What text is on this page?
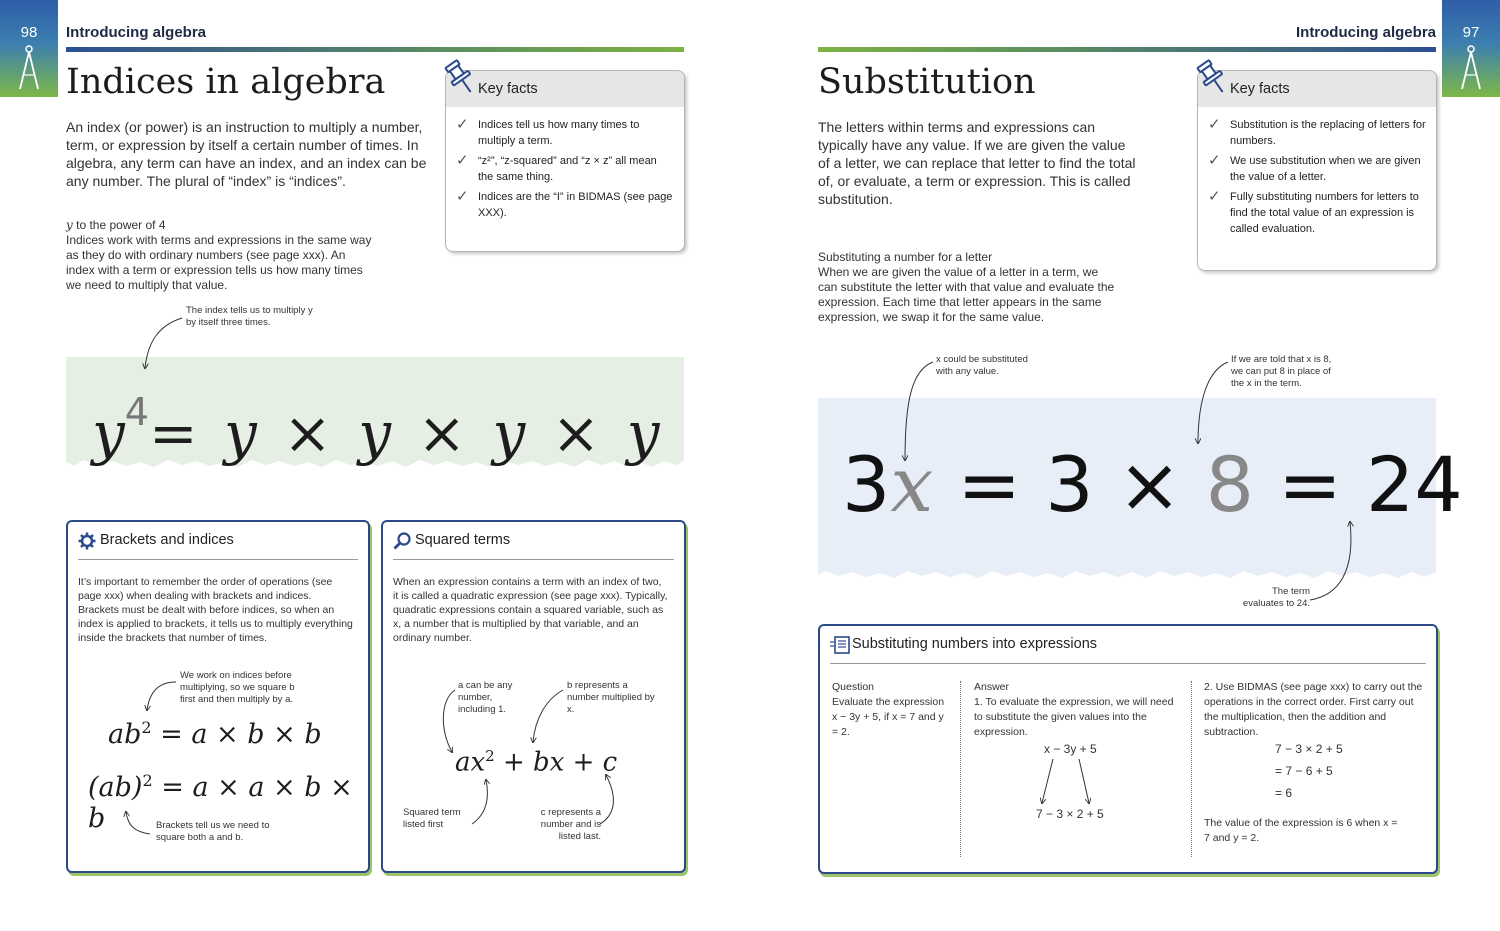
98	Introducing algebra
Indices in algebra
An index (or power) is an instruction to multiply a number, term, or expression by itself a certain number of times. In algebra, any term can have an index, and an index can be any number. The plural of “index” is “indices”.
y to the power of 4
Indices work with terms and expressions in the same way as they do with ordinary numbers (see page xxx). An index with a term or expression tells us how many times we need to multiply that value.
Key facts
✓ Indices tell us how many times to multiply a term.
✓ “z²”, “z-squared” and “z × z” all mean the same thing.
✓ Indices are the “I” in BIDMAS (see page XXX).
The index tells us to multiply y by itself three times.
$y^4= y \times y \times y \times y$
Brackets and indices
It’s important to remember the order of operations (see page xxx) when dealing with brackets and indices. Brackets must be dealt with before indices, so when an index is applied to brackets, it tells us to multiply everything inside the brackets that number of times.
We work on indices before multiplying, so we square b first and then multiply by a.
$ab^2 = a \times b \times b$
(ab)$^2$ = a × a × b × b	Brackets tell us we need to square both a and b.
Squared terms
When an expression contains a term with an index of two, it is called a quadratic expression (see page xxx). Typically, quadratic expressions contain a squared variable, such as x, a number that is multiplied by that variable, and an ordinary number.
a can be any number, including 1.
b represents a number multiplied by x.
$ax^2$ + bx + c
Squared term listed first
c represents a number and is listed last.
97
Introducing algebra
Substitution
The letters within terms and expressions can typically have any value. If we are given the value of a letter, we can replace that letter to find the total of, or evaluate, a term or expression. This is called substitution.
Substituting a number for a letter
When we are given the value of a letter in a term, we can substitute the letter with that value and evaluate the expression. Each time that letter appears in the same expression, we swap it for the same value.
Key facts
✓ Substitution is the replacing of letters for numbers.
✓ We use substitution when we are given the value of a letter.
✓ Fully substituting numbers for letters to find the total value of an expression is called evaluation.
x could be substituted with any value.
If we are told that x is 8, we can put 8 in place of the x in the term.
3x = 3 × 8 = 24
The term evaluates to 24.
Substituting numbers into expressions
Question
Evaluate the expression x − 3y + 5, if x = 7 and y = 2.
Answer
1. To evaluate the expression, we will need to substitute the given values into the expression.
x − 3y + 5
7 − 3 × 2 + 5
2. Use BIDMAS (see page xxx) to carry out the operations in the correct order. First carry out the multiplication, then the addition and subtraction.
7 − 3 × 2 + 5
= 7 − 6 + 5
= 6
The value of the expression is 6 when x = 7 and y = 2.
